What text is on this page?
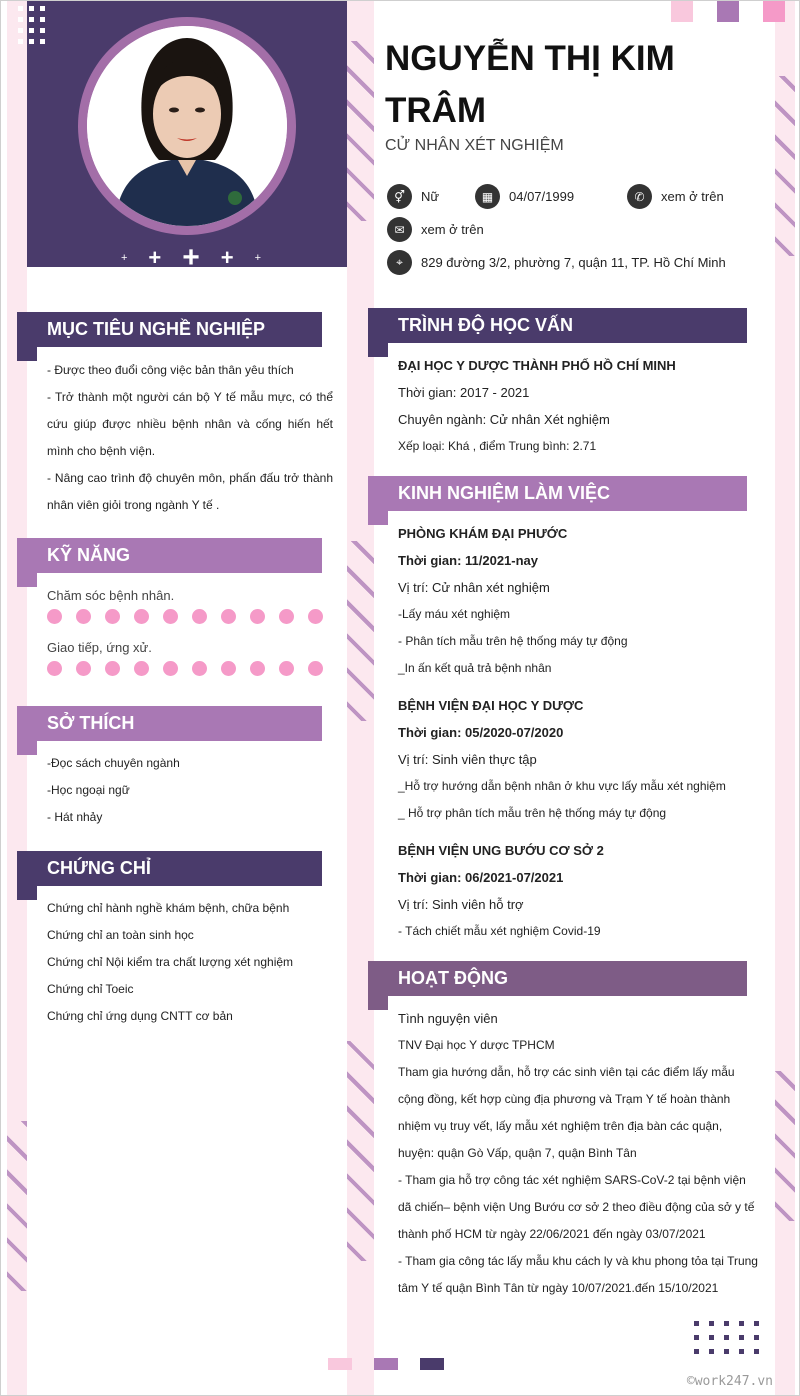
+ + + + +
NGUYỄN THỊ KIM TRÂM
CỬ NHÂN XÉT NGHIỆM
⚥	Nữ	▦	04/07/1999	✆	xem ở trên
✉	xem ở trên
⌖	829 đường 3/2, phường 7, quận 11, TP. Hồ Chí Minh
MỤC TIÊU NGHỀ NGHIỆP
- Được theo đuổi công việc bản thân yêu thích
- Trở thành một người cán bộ Y tế mẫu mực, có thể cứu giúp được nhiều bệnh nhân và cống hiến hết mình cho bệnh viện.
- Nâng cao trình độ chuyên môn, phấn đấu trở thành nhân viên giỏi trong ngành Y tế .
KỸ NĂNG
Chăm sóc bệnh nhân.
Giao tiếp, ứng xử.
SỞ THÍCH
-Đọc sách chuyên ngành
-Học ngoại ngữ
- Hát nhảy
CHỨNG CHỈ
Chứng chỉ hành nghề khám bệnh, chữa bệnh
Chứng chỉ an toàn sinh học
Chứng chỉ Nội kiểm tra chất lượng xét nghiệm
Chứng chỉ Toeic
Chứng chỉ ứng dụng CNTT cơ bản
TRÌNH ĐỘ HỌC VẤN
ĐẠI HỌC Y DƯỢC THÀNH PHỐ HỒ CHÍ MINH
Thời gian: 2017 - 2021
Chuyên ngành: Cử nhân Xét nghiệm
Xếp loại: Khá , điểm Trung bình: 2.71
KINH NGHIỆM LÀM VIỆC
PHÒNG KHÁM ĐẠI PHƯỚC
Thời gian: 11/2021-nay
Vị trí: Cử nhân xét nghiệm
-Lấy máu xét nghiệm
- Phân tích mẫu trên hệ thống máy tự động
_In ấn kết quả trả bệnh nhân
BỆNH VIỆN ĐẠI HỌC Y DƯỢC
Thời gian: 05/2020-07/2020
Vị trí: Sinh viên thực tập
_Hỗ trợ hướng dẫn bệnh nhân ở khu vực lấy mẫu xét nghiệm
_ Hỗ trợ phân tích mẫu trên hệ thống máy tự động
BỆNH VIỆN UNG BƯỚU CƠ SỞ 2
Thời gian: 06/2021-07/2021
Vị trí: Sinh viên hỗ trợ
- Tách chiết mẫu xét nghiệm Covid-19
HOẠT ĐỘNG
Tình nguyện viên
TNV Đại học Y dược TPHCM
Tham gia hướng dẫn, hỗ trợ các sinh viên tại các điểm lấy mẫu cộng đồng, kết hợp cùng địa phương và Trạm Y tế hoàn thành nhiệm vụ truy vết, lấy mẫu xét nghiệm trên địa bàn các quận, huyện: quận Gò Vấp, quận 7, quận Bình Tân
- Tham gia hỗ trợ công tác xét nghiệm SARS-CoV-2 tại bệnh viện dã chiến– bệnh viện Ung Bướu cơ sở 2 theo điều động của sở y tế thành phố HCM từ ngày 22/06/2021 đến ngày 03/07/2021
- Tham gia công tác lấy mẫu khu cách ly và khu phong tỏa tại Trung tâm Y tế quận Bình Tân từ ngày 10/07/2021.đến 15/10/2021
©work247.vn
